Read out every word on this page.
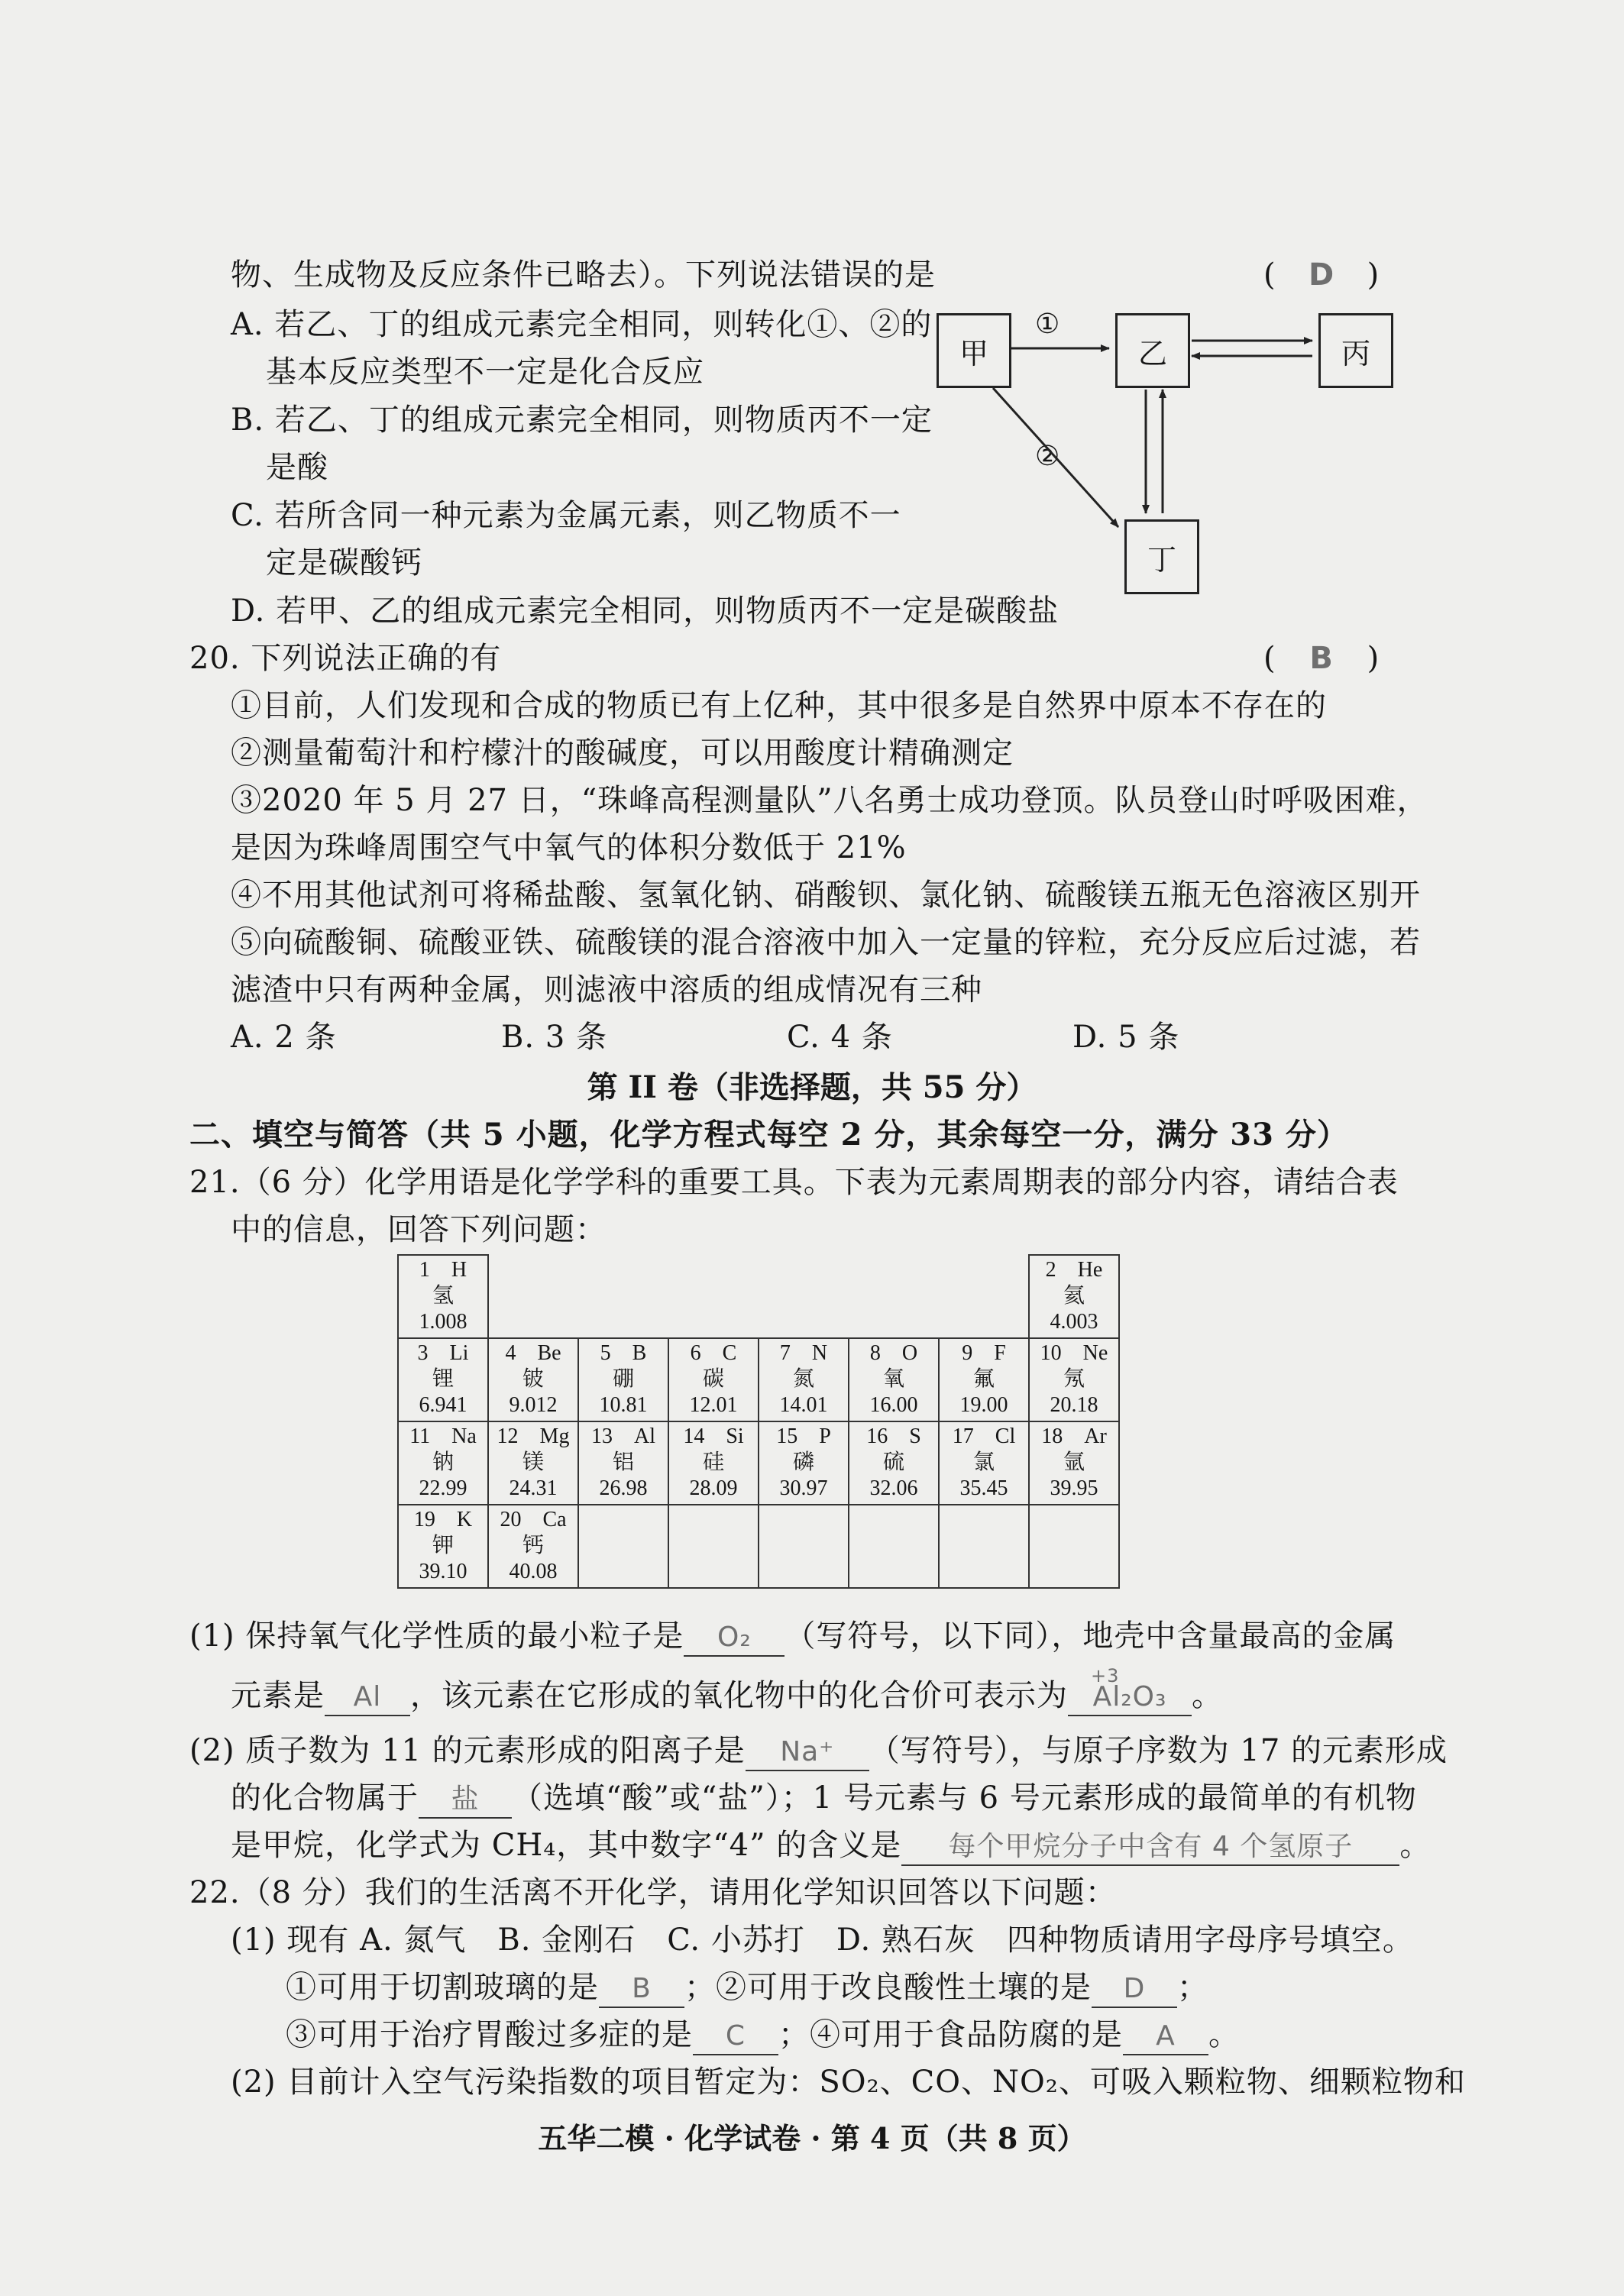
物、生成物及反应条件已略去）。下列说法错误的是	( D )
A. 若乙、丁的组成元素完全相同，则转化①、②的
基本反应类型不一定是化合反应
B. 若乙、丁的组成元素完全相同，则物质丙不一定
是酸
C. 若所含同一种元素为金属元素，则乙物质不一
定是碳酸钙
D. 若甲、乙的组成元素完全相同，则物质丙不一定是碳酸盐
甲	乙	丙
丁
①
②
20. 下列说法正确的有	( B )
①目前，人们发现和合成的物质已有上亿种，其中很多是自然界中原本不存在的
②测量葡萄汁和柠檬汁的酸碱度，可以用酸度计精确测定
③2020 年 5 月 27 日，“珠峰高程测量队”八名勇士成功登顶。队员登山时呼吸困难，
是因为珠峰周围空气中氧气的体积分数低于 21%
④不用其他试剂可将稀盐酸、氢氧化钠、硝酸钡、氯化钠、硫酸镁五瓶无色溶液区别开
⑤向硫酸铜、硫酸亚铁、硫酸镁的混合溶液中加入一定量的锌粒，充分反应后过滤，若
滤渣中只有两种金属，则滤液中溶质的组成情况有三种
A. 2 条	B. 3 条	C. 4 条	D. 5 条
第 II 卷（非选择题，共 55 分）
二、填空与简答（共 5 小题，化学方程式每空 2 分，其余每空一分，满分 33 分）
21.（6 分）化学用语是化学学科的重要工具。下表为元素周期表的部分内容，请结合表
中的信息，回答下列问题：
1  H
氢
1.008							2  He
氦
4.003

3  Li
锂
6.941	4  Be
铍
9.012	5  B
硼
10.81	6  C
碳
12.01	7  N
氮
14.01	8  O
氧
16.00	9  F
氟
19.00	10  Ne
氖
20.18

11  Na
钠
22.99	12  Mg
镁
24.31	13  Al
铝
26.98	14  Si
硅
28.09	15  P
磷
30.97	16  S
硫
32.06	17  Cl
氯
35.45	18  Ar
氩
39.95

19  K
钾
39.10	20  Ca
钙
40.08						

(1) 保持氧气化学性质的最小粒子是 O₂ （写符号，以下同），地壳中含量最高的金属
元素是 Al ，该元素在它形成的氧化物中的化合价可表示为
+3
Al₂O₃ 。
(2) 质子数为 11 的元素形成的阳离子是 Na⁺ （写符号），与原子序数为 17 的元素形成
的化合物属于 盐 （选填“酸”或“盐”）；1 号元素与 6 号元素形成的最简单的有机物
是甲烷，化学式为 CH₄，其中数字“4” 的含义是 每个甲烷分子中含有 4 个氢原子 。
22.（8 分）我们的生活离不开化学，请用化学知识回答以下问题：
(1) 现有 A. 氮气　B. 金刚石　C. 小苏打　D. 熟石灰　四种物质请用字母序号填空。
①可用于切割玻璃的是 B ；②可用于改良酸性土壤的是 D ；
③可用于治疗胃酸过多症的是 C ；④可用于食品防腐的是 A 。
(2) 目前计入空气污染指数的项目暂定为：SO₂、CO、NO₂、可吸入颗粒物、细颗粒物和
五华二模 · 化学试卷 · 第 4 页（共 8 页）
